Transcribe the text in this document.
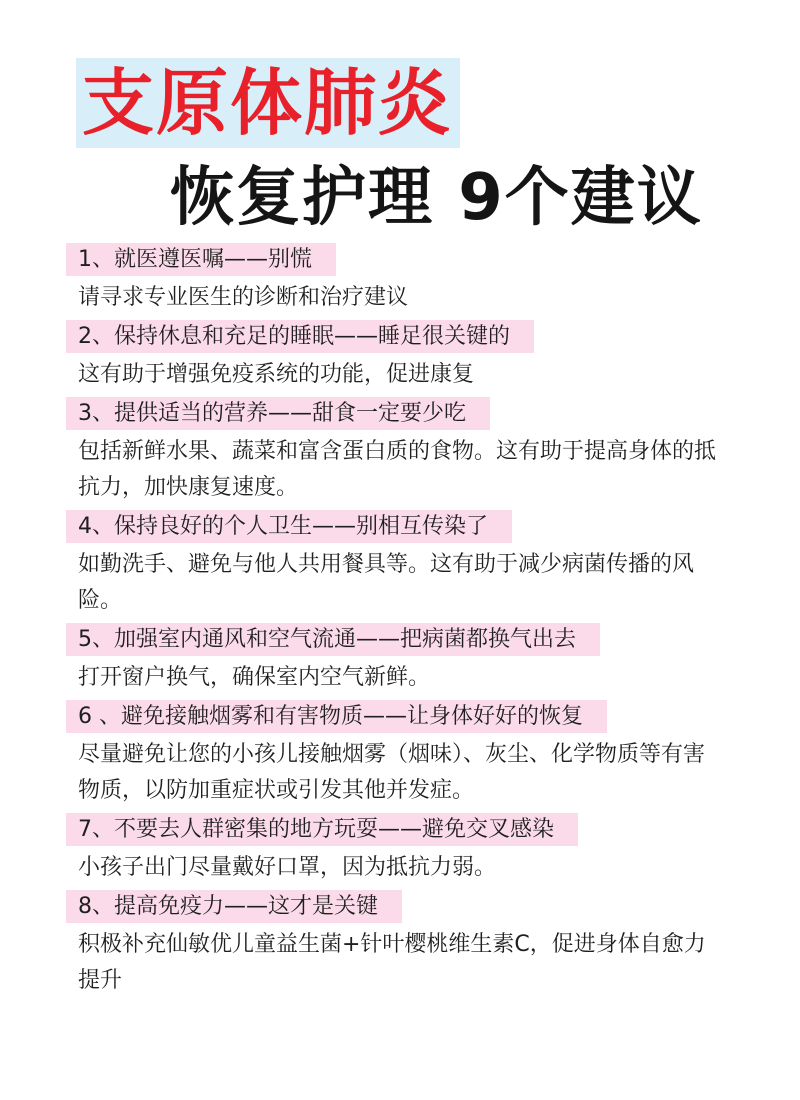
支原体肺炎
恢复护理 9个建议
1、就医遵医嘱——别慌
请寻求专业医生的诊断和治疗建议
2、保持休息和充足的睡眠——睡足很关键的
这有助于增强免疫系统的功能，促进康复
3、提供适当的营养——甜食一定要少吃
包括新鲜水果、蔬菜和富含蛋白质的食物。这有助于提高身体的抵抗力，加快康复速度。
4、保持良好的个人卫生——别相互传染了
如勤洗手、避免与他人共用餐具等。这有助于减少病菌传播的风险。
5、加强室内通风和空气流通——把病菌都换气出去
打开窗户换气，确保室内空气新鲜。
6 、避免接触烟雾和有害物质——让身体好好的恢复
尽量避免让您的小孩儿接触烟雾（烟味）、灰尘、化学物质等有害物质，以防加重症状或引发其他并发症。
7、不要去人群密集的地方玩耍——避免交叉感染
小孩子出门尽量戴好口罩，因为抵抗力弱。
8、提高免疫力——这才是关键
积极补充仙敏优儿童益生菌+针叶樱桃维生素C，促进身体自愈力提升
